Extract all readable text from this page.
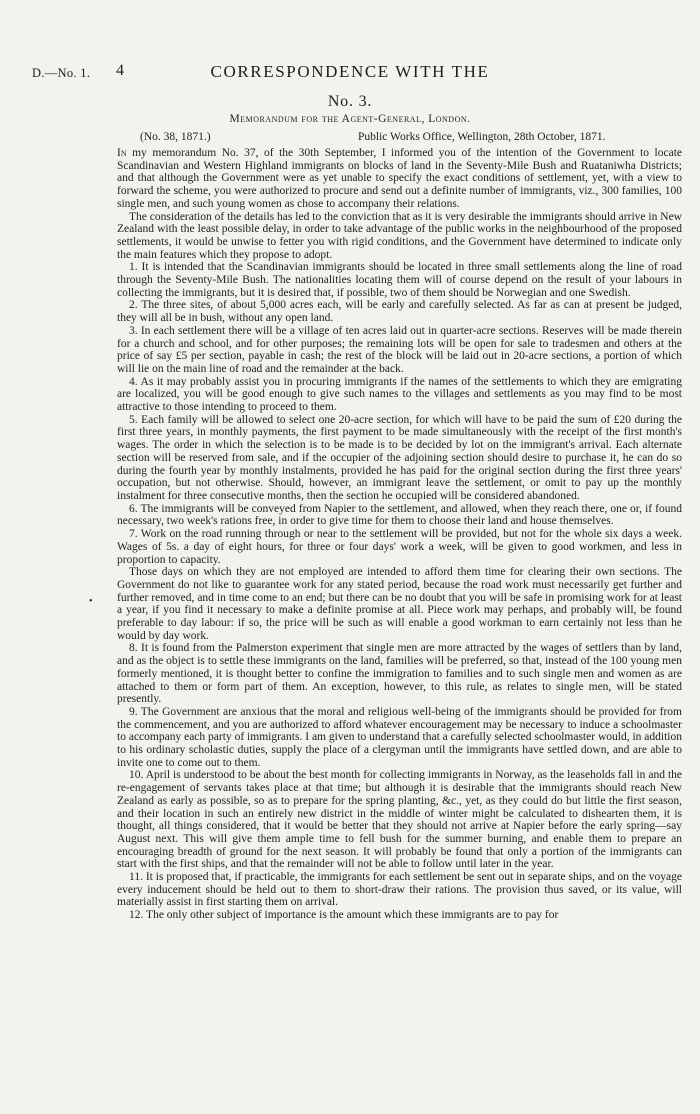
D.—No. 1. 4	CORRESPONDENCE WITH THE
No. 3.
Memorandum for the Agent-General, London.
(No. 38, 1871.)	Public Works Office, Wellington, 28th October, 1871.
•

In my memorandum No. 37, of the 30th September, I informed you of the intention of the Government to locate Scandinavian and Western Highland immigrants on blocks of land in the Seventy-Mile Bush and Ruataniwha Districts; and that although the Government were as yet unable to specify the exact conditions of settlement, yet, with a view to forward the scheme, you were authorized to procure and send out a definite number of immigrants, viz., 300 families, 100 single men, and such young women as chose to accompany their relations.

The consideration of the details has led to the conviction that as it is very desirable the immigrants should arrive in New Zealand with the least possible delay, in order to take advantage of the public works in the neighbourhood of the proposed settlements, it would be unwise to fetter you with rigid conditions, and the Government have determined to indicate only the main features which they propose to adopt.

1. It is intended that the Scandinavian immigrants should be located in three small settlements along the line of road through the Seventy-Mile Bush. The nationalities locating them will of course depend on the result of your labours in collecting the immigrants, but it is desired that, if possible, two of them should be Norwegian and one Swedish.

2. The three sites, of about 5,000 acres each, will be early and carefully selected. As far as can at present be judged, they will all be in bush, without any open land.

3. In each settlement there will be a village of ten acres laid out in quarter-acre sections. Reserves will be made therein for a church and school, and for other purposes; the remaining lots will be open for sale to tradesmen and others at the price of say £5 per section, payable in cash; the rest of the block will be laid out in 20-acre sections, a portion of which will lie on the main line of road and the remainder at the back.

4. As it may probably assist you in procuring immigrants if the names of the settlements to which they are emigrating are localized, you will be good enough to give such names to the villages and settlements as you may find to be most attractive to those intending to proceed to them.

5. Each family will be allowed to select one 20-acre section, for which will have to be paid the sum of £20 during the first three years, in monthly payments, the first payment to be made simultaneously with the receipt of the first month's wages. The order in which the selection is to be made is to be decided by lot on the immigrant's arrival. Each alternate section will be reserved from sale, and if the occupier of the adjoining section should desire to purchase it, he can do so during the fourth year by monthly instalments, provided he has paid for the original section during the first three years' occupation, but not otherwise. Should, however, an immigrant leave the settlement, or omit to pay up the monthly instalment for three consecutive months, then the section he occupied will be considered abandoned.

6. The immigrants will be conveyed from Napier to the settlement, and allowed, when they reach there, one or, if found necessary, two week's rations free, in order to give time for them to choose their land and house themselves.

7. Work on the road running through or near to the settlement will be provided, but not for the whole six days a week. Wages of 5s. a day of eight hours, for three or four days' work a week, will be given to good workmen, and less in proportion to capacity.

Those days on which they are not employed are intended to afford them time for clearing their own sections. The Government do not like to guarantee work for any stated period, because the road work must necessarily get further and further removed, and in time come to an end; but there can be no doubt that you will be safe in promising work for at least a year, if you find it necessary to make a definite promise at all. Piece work may perhaps, and probably will, be found preferable to day labour: if so, the price will be such as will enable a good workman to earn certainly not less than he would by day work.

8. It is found from the Palmerston experiment that single men are more attracted by the wages of settlers than by land, and as the object is to settle these immigrants on the land, families will be preferred, so that, instead of the 100 young men formerly mentioned, it is thought better to confine the immigration to families and to such single men and women as are attached to them or form part of them. An exception, however, to this rule, as relates to single men, will be stated presently.

9. The Government are anxious that the moral and religious well-being of the immigrants should be provided for from the commencement, and you are authorized to afford whatever encouragement may be necessary to induce a schoolmaster to accompany each party of immigrants. I am given to understand that a carefully selected schoolmaster would, in addition to his ordinary scholastic duties, supply the place of a clergyman until the immigrants have settled down, and are able to invite one to come out to them.

10. April is understood to be about the best month for collecting immigrants in Norway, as the leaseholds fall in and the re-engagement of servants takes place at that time; but although it is desirable that the immigrants should reach New Zealand as early as possible, so as to prepare for the spring planting, &c., yet, as they could do but little the first season, and their location in such an entirely new district in the middle of winter might be calculated to dishearten them, it is thought, all things considered, that it would be better that they should not arrive at Napier before the early spring—say August next. This will give them ample time to fell bush for the summer burning, and enable them to prepare an encouraging breadth of ground for the next season. It will probably be found that only a portion of the immigrants can start with the first ships, and that the remainder will not be able to follow until later in the year.

11. It is proposed that, if practicable, the immigrants for each settlement be sent out in separate ships, and on the voyage every inducement should be held out to them to short-draw their rations. The provision thus saved, or its value, will materially assist in first starting them on arrival.

12. The only other subject of importance is the amount which these immigrants are to pay for
